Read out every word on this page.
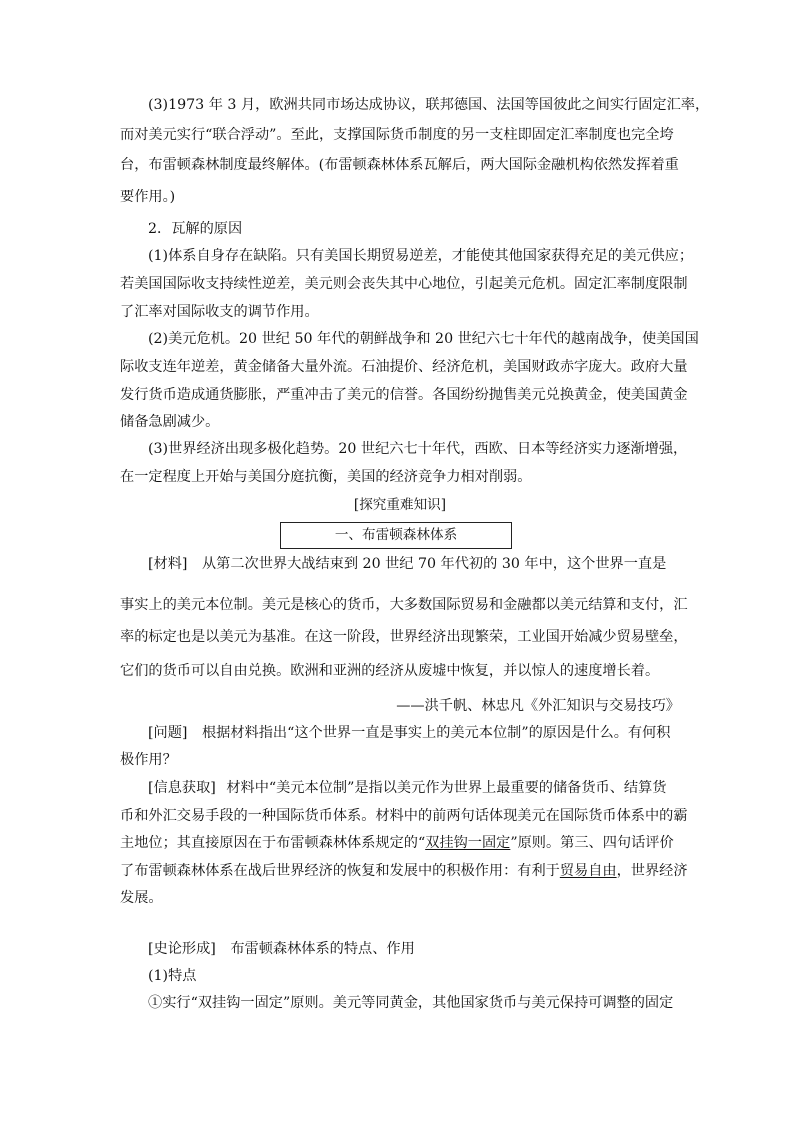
(3)1973 年 3 月，欧洲共同市场达成协议，联邦德国、法国等国彼此之间实行固定汇率，
而对美元实行“联合浮动”。至此，支撑国际货币制度的另一支柱即固定汇率制度也完全垮
台，布雷顿森林制度最终解体。(布雷顿森林体系瓦解后，两大国际金融机构依然发挥着重
要作用。)
2．瓦解的原因
(1)体系自身存在缺陷。只有美国长期贸易逆差，才能使其他国家获得充足的美元供应；
若美国国际收支持续性逆差，美元则会丧失其中心地位，引起美元危机。固定汇率制度限制
了汇率对国际收支的调节作用。
(2)美元危机。20 世纪 50 年代的朝鲜战争和 20 世纪六七十年代的越南战争，使美国国
际收支连年逆差，黄金储备大量外流。石油提价、经济危机，美国财政赤字庞大。政府大量
发行货币造成通货膨胀，严重冲击了美元的信誉。各国纷纷抛售美元兑换黄金，使美国黄金
储备急剧减少。
(3)世界经济出现多极化趋势。20 世纪六七十年代，西欧、日本等经济实力逐渐增强，
在一定程度上开始与美国分庭抗衡，美国的经济竞争力相对削弱。
[探究重难知识]
一、布雷顿森林体系
[材料] 从第二次世界大战结束到 20 世纪 70 年代初的 30 年中，这个世界一直是
事实上的美元本位制。美元是核心的货币，大多数国际贸易和金融都以美元结算和支付，汇
率的标定也是以美元为基准。在这一阶段，世界经济出现繁荣，工业国开始减少贸易壁垒，
它们的货币可以自由兑换。欧洲和亚洲的经济从废墟中恢复，并以惊人的速度增长着。
——洪千帆、林忠凡《外汇知识与交易技巧》
[问题] 根据材料指出“这个世界一直是事实上的美元本位制”的原因是什么。有何积
极作用？
[信息获取] 材料中“美元本位制”是指以美元作为世界上最重要的储备货币、结算货
币和外汇交易手段的一种国际货币体系。材料中的前两句话体现美元在国际货币体系中的霸
主地位；其直接原因在于布雷顿森林体系规定的“双挂钩一固定”原则。第三、四句话评价
了布雷顿森林体系在战后世界经济的恢复和发展中的积极作用：有利于贸易自由，世界经济
发展。
[史论形成] 布雷顿森林体系的特点、作用
(1)特点
①实行“双挂钩一固定”原则。美元等同黄金，其他国家货币与美元保持可调整的固定
